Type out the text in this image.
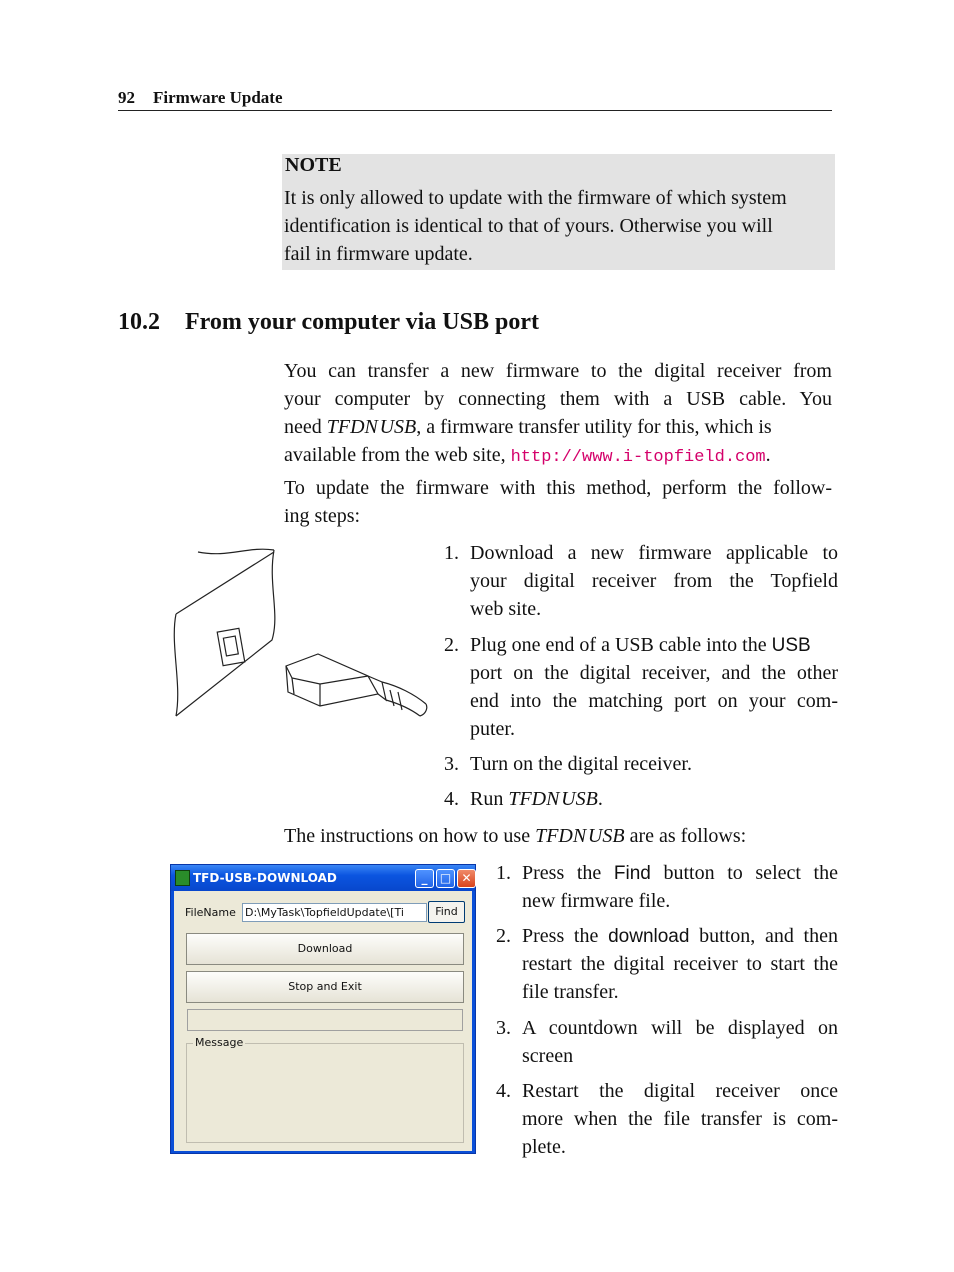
92 Firmware Update
NOTE
It is only allowed to update with the firmware of which system
identification is identical to that of yours. Otherwise you will
fail in firmware update.
10.2 From your computer via USB port
You can transfer a new firmware to the digital receiver from
your computer by connecting them with a USB cable. You
need TFDN USB, a firmware transfer utility for this, which is
available from the web site, http://www.i-topfield.com.
To update the firmware with this method, perform the follow-
ing steps:
1. Download a new firmware applicable to
your digital receiver from the Topfield
web site.
2. Plug one end of a USB cable into the USB
port on the digital receiver, and the other
end into the matching port on your com-
puter.
3. Turn on the digital receiver.
4. Run TFDN USB.
The instructions on how to use TFDN USB are as follows:
TFD-USB-DOWNLOAD	_	□ ✕
FileName D:\MyTask\TopfieldUpdate\[Ti	Find
Download
Stop and Exit
Message
1. Press the Find button to select the
new firmware file.
2. Press the download button, and then
restart the digital receiver to start the
file transfer.
3. A countdown will be displayed on
screen
4. Restart the digital receiver once
more when the file transfer is com-
plete.
